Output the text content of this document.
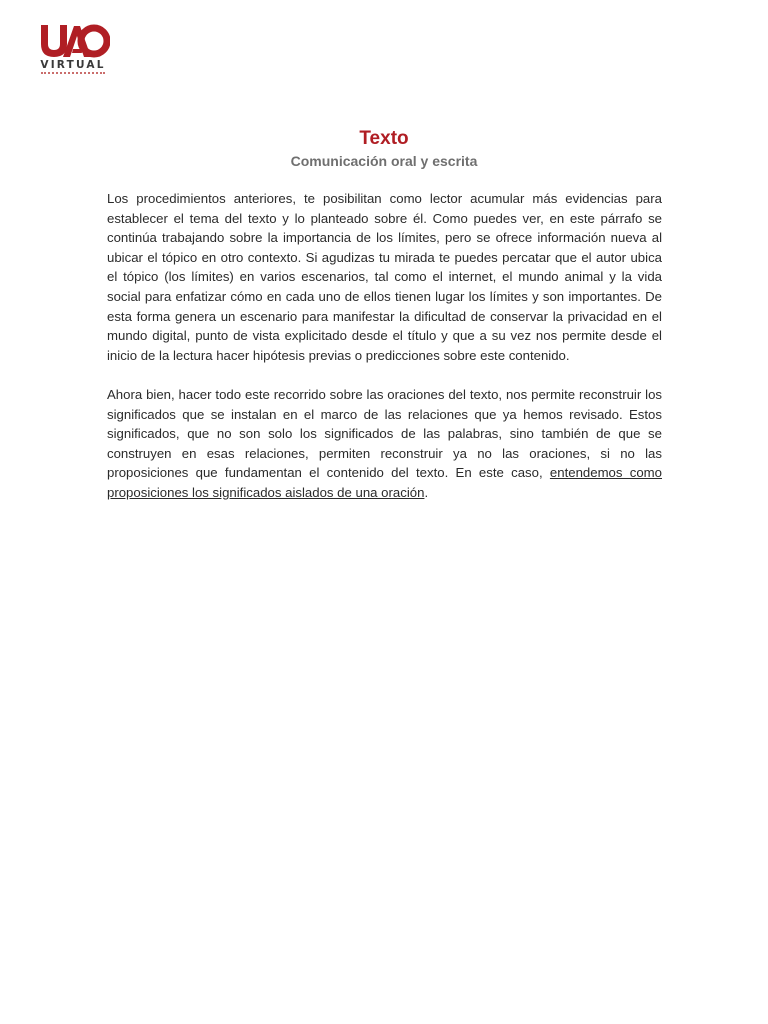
VIRTUAL
Texto
Comunicación oral y escrita

Los procedimientos anteriores, te posibilitan como lector acumular más evidencias para establecer el tema del texto y lo planteado sobre él. Como puedes ver, en este párrafo se continúa trabajando sobre la importancia de los límites, pero se ofrece información nueva al ubicar el tópico en otro contexto. Si agudizas tu mirada te puedes percatar que el autor ubica el tópico (los límites) en varios escenarios, tal como el internet, el mundo animal y la vida social para enfatizar cómo en cada uno de ellos tienen lugar los límites y son importantes. De esta forma genera un escenario para manifestar la dificultad de conservar la privacidad en el mundo digital, punto de vista explicitado desde el título y que a su vez nos permite desde el inicio de la lectura hacer hipótesis previas o predicciones sobre este contenido.

Ahora bien, hacer todo este recorrido sobre las oraciones del texto, nos permite reconstruir los significados que se instalan en el marco de las relaciones que ya hemos revisado. Estos significados, que no son solo los significados de las palabras, sino también de que se construyen en esas relaciones, permiten reconstruir ya no las oraciones, si no las proposiciones que fundamentan el contenido del texto. En este caso, entendemos como proposiciones los significados aislados de una oración.
